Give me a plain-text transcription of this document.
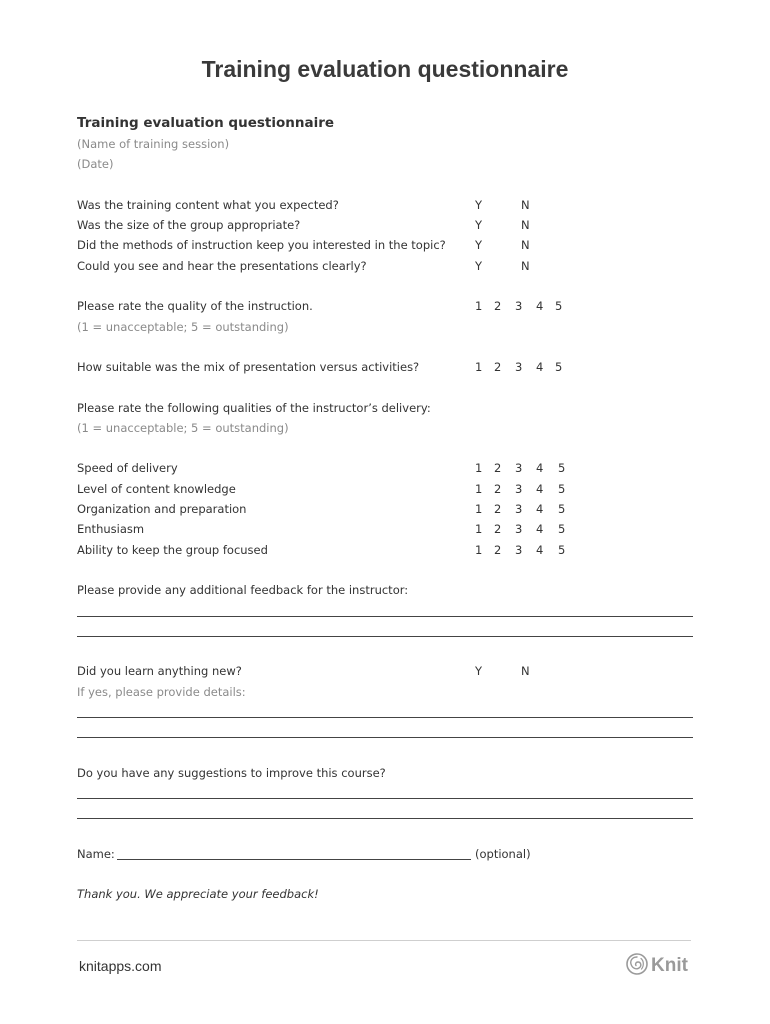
Training evaluation questionnaire
Training evaluation questionnaire
(Name of training session)
(Date)
Was the training content what you expected?	Y	N
Was the size of the group appropriate?	Y	N
Did the methods of instruction keep you interested in the topic?	Y	N
Could you see and hear the presentations clearly?	Y	N
Please rate the quality of the instruction.	1 2 3 4 5
(1 = unacceptable; 5 = outstanding)
How suitable was the mix of presentation versus activities?	1 2 3 4 5
Please rate the following qualities of the instructor’s delivery:
(1 = unacceptable; 5 = outstanding)
Speed of delivery	1 2 3 4 5
Level of content knowledge	1 2 3 4 5
Organization and preparation	1 2 3 4 5
Enthusiasm	1 2 3 4 5
Ability to keep the group focused	1 2 3 4 5
Please provide any additional feedback for the instructor:
Did you learn anything new?	Y	N
If yes, please provide details:
Do you have any suggestions to improve this course?
Name:	(optional)
Thank you. We appreciate your feedback!
knitapps.com	Knit
